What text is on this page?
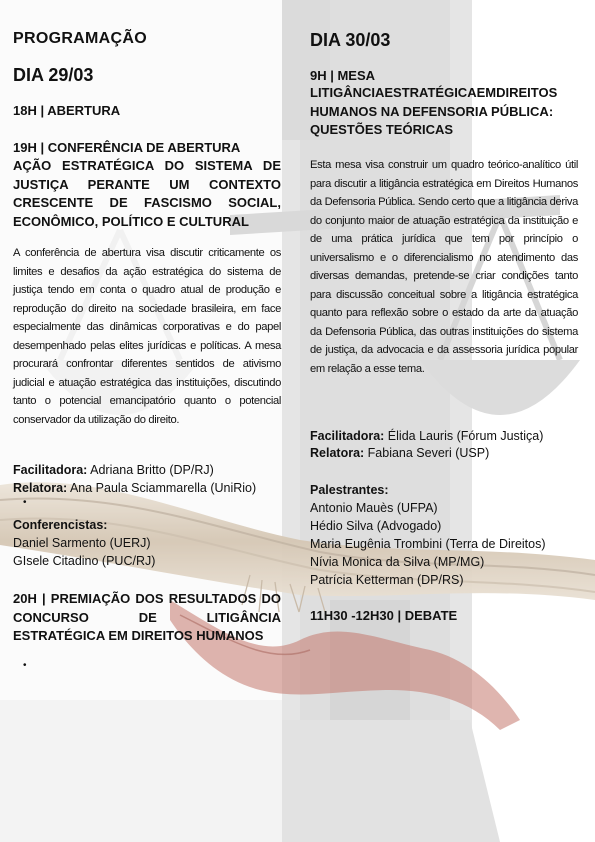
PROGRAMAÇÃO
DIA 29/03
18H | ABERTURA
19H | CONFERÊNCIA DE ABERTURA
AÇÃO ESTRATÉGICA DO SISTEMA DE JUSTIÇA PERANTE UM CONTEXTO CRESCENTE DE FASCISMO SOCIAL, ECONÔMICO, POLÍTICO E CULTURAL
A conferência de abertura visa discutir criticamente os limites e desafios da ação estratégica do sistema de justiça tendo em conta o quadro atual de produção e reprodução do direito na sociedade brasileira, em face especialmente das dinâmicas corporativas e do papel desempenhado pelas elites jurídicas e políticas. A mesa procurará confrontar diferentes sentidos de ativismo judicial e atuação estratégica das instituições, discutindo tanto o potencial emancipatório quanto o potencial conservador da utilização do direito.
Facilitadora: Adriana Britto (DP/RJ)
Relatora: Ana Paula Sciammarella (UniRio)
•
Conferencistas:
Daniel Sarmento (UERJ)
GIsele Citadino (PUC/RJ)
20H | PREMIAÇÃO DOS RESULTADOS DO CONCURSO DE LITIGÂNCIA ESTRATÉGICA EM DIREITOS HUMANOS
•
DIA 30/03
9H | MESA
LITIGÂNCIAESTRATÉGICAEMDIREITOS HUMANOS NA DEFENSORIA PÚBLICA: QUESTÕES TEÓRICAS
Esta mesa visa construir um quadro teórico-analítico útil para discutir a litigância estratégica em Direitos Humanos da Defensoria Pública. Sendo certo que a litigância deriva do conjunto maior de atuação estratégica da instituição e de uma prática jurídica que tem por princípio o universalismo e o diferencialismo no atendimento das diversas demandas, pretende-se criar condições tanto para discussão conceitual sobre a litigância estratégica quanto para reflexão sobre o estado da arte da atuação da Defensoria Pública, das outras instituições do sistema de justiça, da advocacia e da assessoria jurídica popular em relação a esse tema.
Facilitadora: Élida Lauris (Fórum Justiça)
Relatora: Fabiana Severi (USP)
Palestrantes:
Antonio Mauès (UFPA)
Hédio Silva (Advogado)
Maria Eugênia Trombini (Terra de Direitos)
Nívia Monica da Silva (MP/MG)
Patrícia Ketterman (DP/RS)
11H30 -12H30 | DEBATE
